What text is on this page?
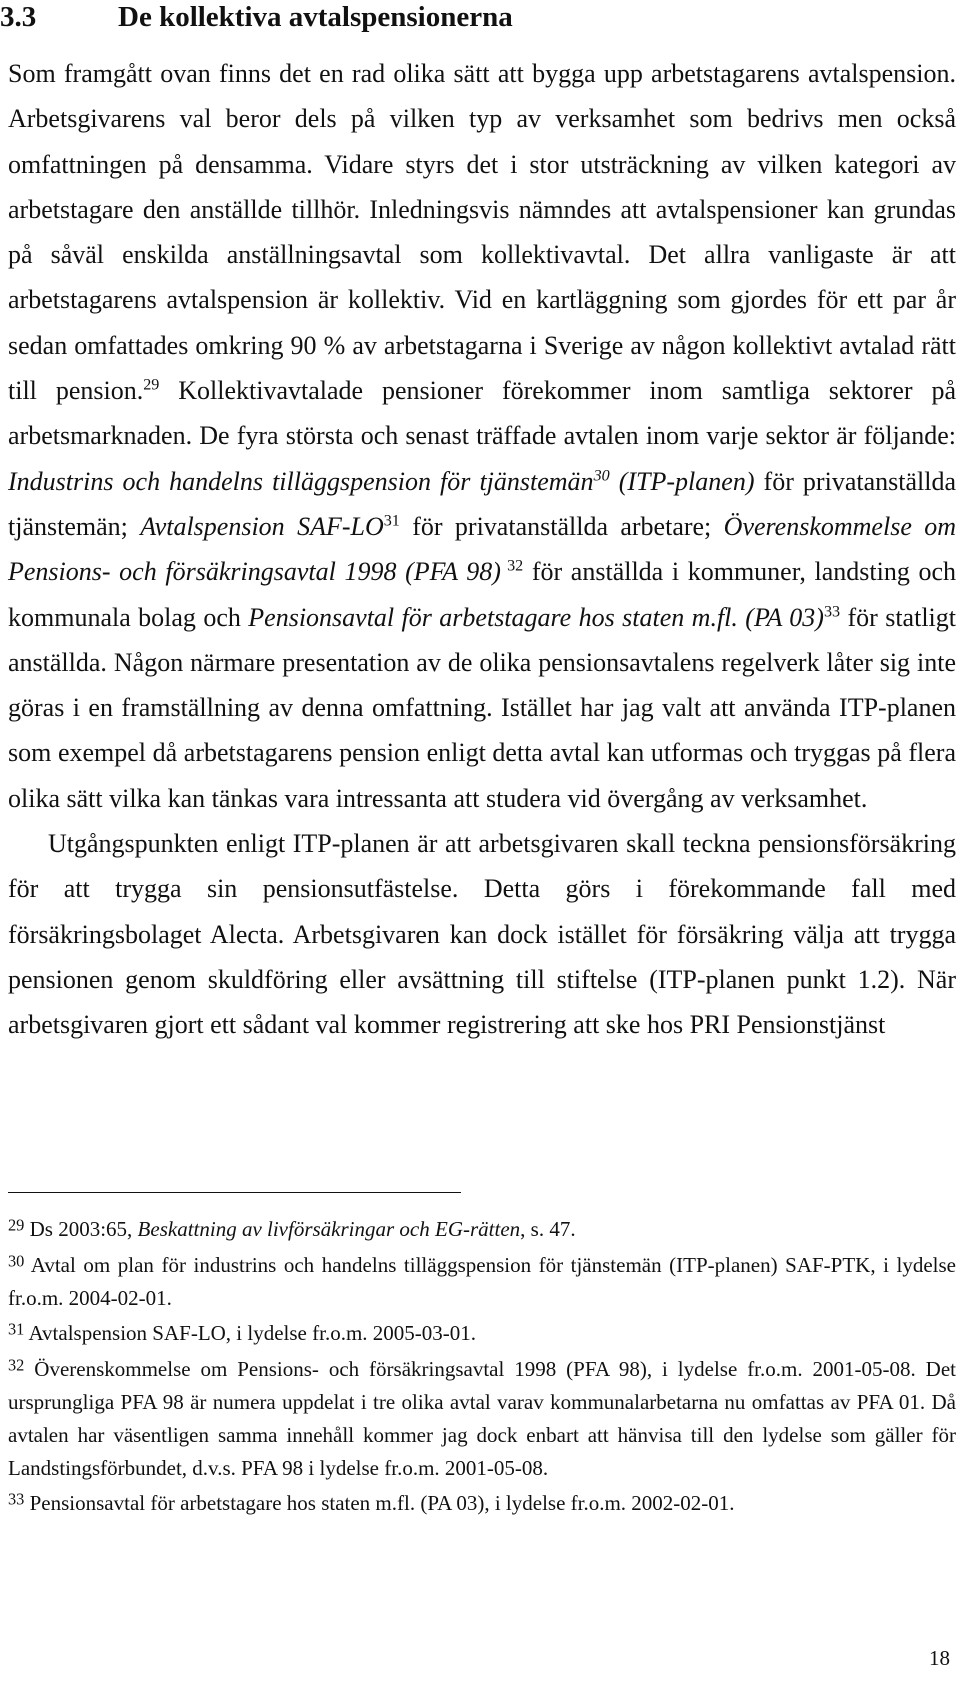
3.3	De kollektiva avtalspensionerna

Som framgått ovan finns det en rad olika sätt att bygga upp arbetstagarens avtalspension. Arbetsgivarens val beror dels på vilken typ av verksamhet som bedrivs men också omfattningen på densamma. Vidare styrs det i stor utsträckning av vilken kategori av arbetstagare den anställde tillhör. Inledningsvis nämndes att avtalspensioner kan grundas på såväl enskilda anställningsavtal som kollektivavtal. Det allra vanligaste är att arbetstagarens avtalspension är kollektiv. Vid en kartläggning som gjordes för ett par år sedan omfattades omkring 90 % av arbetstagarna i Sverige av någon kollektivt avtalad rätt till pension.$^{29}$ Kollektivavtalade pensioner förekommer inom samtliga sektorer på arbetsmarknaden. De fyra största och senast träffade avtalen inom varje sektor är följande: Industrins och handelns tilläggspension för tjänstemän$^{30}$ (ITP-planen) för privatanställda tjänstemän; Avtalspension SAF-LO$^{31}$ för privatanställda arbetare; Överenskommelse om Pensions- och försäkringsavtal 1998 (PFA 98) $^{32}$ för anställda i kommuner, landsting och kommunala bolag och Pensionsavtal för arbetstagare hos staten m.fl. (PA 03)$^{33}$ för statligt anställda. Någon närmare presentation av de olika pensionsavtalens regelverk låter sig inte göras i en framställning av denna omfattning. Istället har jag valt att använda ITP-planen som exempel då arbetstagarens pension enligt detta avtal kan utformas och tryggas på flera olika sätt vilka kan tänkas vara intressanta att studera vid övergång av verksamhet.

Utgångspunkten enligt ITP-planen är att arbetsgivaren skall teckna pensionsförsäkring för att trygga sin pensionsutfästelse. Detta görs i förekommande fall med försäkringsbolaget Alecta. Arbetsgivaren kan dock istället för försäkring välja att trygga pensionen genom skuldföring eller avsättning till stiftelse (ITP-planen punkt 1.2). När arbetsgivaren gjort ett sådant val kommer registrering att ske hos PRI Pensionstjänst

$^{29}$ Ds 2003:65, Beskattning av livförsäkringar och EG-rätten, s. 47.

$^{30}$ Avtal om plan för industrins och handelns tilläggspension för tjänstemän (ITP-planen) SAF-PTK, i lydelse fr.o.m. 2004-02-01.

$^{31}$ Avtalspension SAF-LO, i lydelse fr.o.m. 2005-03-01.

$^{32}$ Överenskommelse om Pensions- och försäkringsavtal 1998 (PFA 98), i lydelse fr.o.m. 2001-05-08. Det ursprungliga PFA 98 är numera uppdelat i tre olika avtal varav kommunalarbetarna nu omfattas av PFA 01. Då avtalen har väsentligen samma innehåll kommer jag dock enbart att hänvisa till den lydelse som gäller för Landstingsförbundet, d.v.s. PFA 98 i lydelse fr.o.m. 2001-05-08.

$^{33}$ Pensionsavtal för arbetstagare hos staten m.fl. (PA 03), i lydelse fr.o.m. 2002-02-01.

18
